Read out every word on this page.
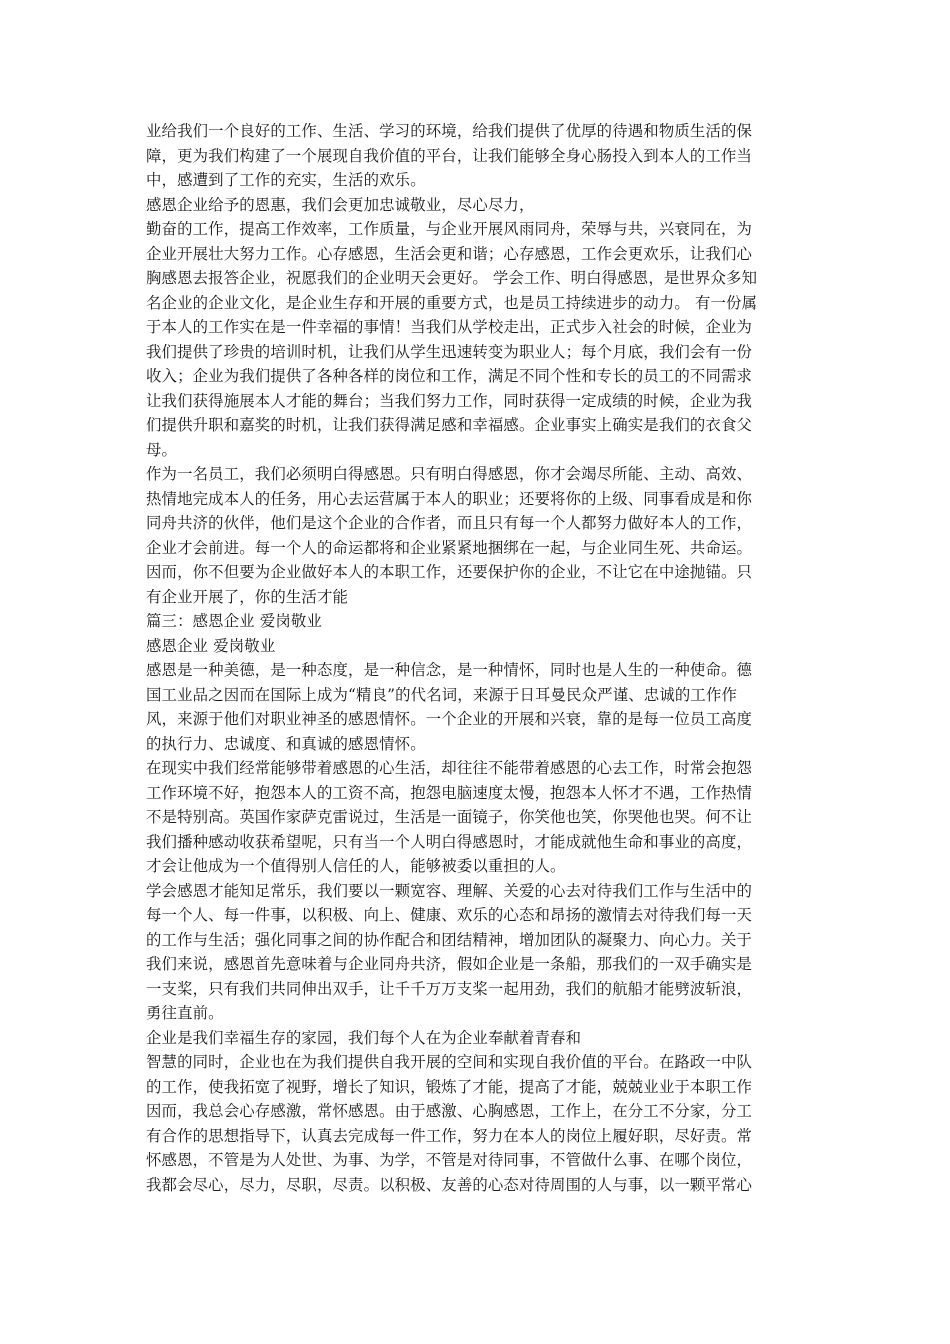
业给我们一个良好的工作、生活、学习的环境，给我们提供了优厚的待遇和物质生活的保
障，更为我们构建了一个展现自我价值的平台，让我们能够全身心肠投入到本人的工作当
中，感遭到了工作的充实，生活的欢乐。
感恩企业给予的恩惠，我们会更加忠诚敬业，尽心尽力，
勤奋的工作，提高工作效率，工作质量，与企业开展风雨同舟，荣辱与共，兴衰同在，为
企业开展壮大努力工作。心存感恩，生活会更和谐；心存感恩，工作会更欢乐，让我们心
胸感恩去报答企业，祝愿我们的企业明天会更好。 学会工作、明白得感恩，是世界众多知
名企业的企业文化，是企业生存和开展的重要方式，也是员工持续进步的动力。 有一份属
于本人的工作实在是一件幸福的事情！当我们从学校走出，正式步入社会的时候，企业为
我们提供了珍贵的培训时机，让我们从学生迅速转变为职业人；每个月底，我们会有一份
收入；企业为我们提供了各种各样的岗位和工作，满足不同个性和专长的员工的不同需求
让我们获得施展本人才能的舞台；当我们努力工作，同时获得一定成绩的时候，企业为我
们提供升职和嘉奖的时机，让我们获得满足感和幸福感。企业事实上确实是我们的衣食父
母。
作为一名员工，我们必须明白得感恩。只有明白得感恩，你才会竭尽所能、主动、高效、
热情地完成本人的任务，用心去运营属于本人的职业；还要将你的上级、同事看成是和你
同舟共济的伙伴，他们是这个企业的合作者，而且只有每一个人都努力做好本人的工作，
企业才会前进。每一个人的命运都将和企业紧紧地捆绑在一起，与企业同生死、共命运。
因而，你不但要为企业做好本人的本职工作，还要保护你的企业，不让它在中途抛锚。只
有企业开展了，你的生活才能
篇三：感恩企业 爱岗敬业
感恩企业 爱岗敬业
感恩是一种美德，是一种态度，是一种信念，是一种情怀，同时也是人生的一种使命。德
国工业品之因而在国际上成为“精良”的代名词，来源于日耳曼民众严谨、忠诚的工作作
风，来源于他们对职业神圣的感恩情怀。一个企业的开展和兴衰，靠的是每一位员工高度
的执行力、忠诚度、和真诚的感恩情怀。
在现实中我们经常能够带着感恩的心生活，却往往不能带着感恩的心去工作，时常会抱怨
工作环境不好，抱怨本人的工资不高，抱怨电脑速度太慢，抱怨本人怀才不遇，工作热情
不是特别高。英国作家萨克雷说过，生活是一面镜子，你笑他也笑，你哭他也哭。何不让
我们播种感动收获希望呢，只有当一个人明白得感恩时，才能成就他生命和事业的高度，
才会让他成为一个值得别人信任的人，能够被委以重担的人。
学会感恩才能知足常乐，我们要以一颗宽容、理解、关爱的心去对待我们工作与生活中的
每一个人、每一件事，以积极、向上、健康、欢乐的心态和昂扬的激情去对待我们每一天
的工作与生活；强化同事之间的协作配合和团结精神，增加团队的凝聚力、向心力。关于
我们来说，感恩首先意味着与企业同舟共济，假如企业是一条船，那我们的一双手确实是
一支桨，只有我们共同伸出双手，让千千万万支桨一起用劲，我们的航船才能劈波斩浪，
勇往直前。
企业是我们幸福生存的家园，我们每个人在为企业奉献着青春和
智慧的同时，企业也在为我们提供自我开展的空间和实现自我价值的平台。在路政一中队
的工作，使我拓宽了视野，增长了知识，锻炼了才能，提高了才能，兢兢业业于本职工作
因而，我总会心存感激，常怀感恩。由于感激、心胸感恩，工作上，在分工不分家，分工
有合作的思想指导下，认真去完成每一件工作，努力在本人的岗位上履好职，尽好责。常
怀感恩，不管是为人处世、为事、为学，不管是对待同事，不管做什么事、在哪个岗位，
我都会尽心，尽力，尽职，尽责。以积极、友善的心态对待周围的人与事，以一颗平常心
